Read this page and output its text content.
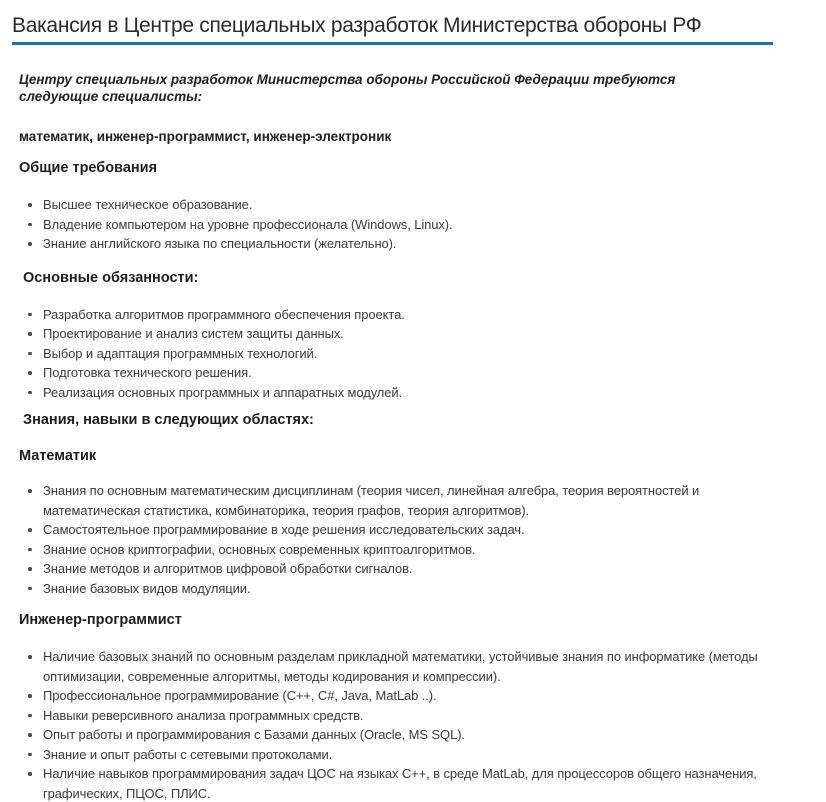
Вакансия в Центре специальных разработок Министерства обороны РФ

Центру специальных разработок Министерства обороны Российской Федерации требуются следующие специалисты:

математик, инженер-программист, инженер-электроник

Общие требования
Высшее техническое образование.
Владение компьютером на уровне профессионала (Windows, Linux).
Знание английского языка по специальности (желательно).
Основные обязанности:
Разработка алгоритмов программного обеспечения проекта.
Проектирование и анализ систем защиты данных.
Выбор и адаптация программных технологий.
Подготовка технического решения.
Реализация основных программных и аппаратных модулей.
Знания, навыки в следующих областях:
Математик
Знания по основным математическим дисциплинам (теория чисел, линейная алгебра, теория вероятностей и математическая статистика, комбинаторика, теория графов, теория алгоритмов).
Самостоятельное программирование в ходе решения исследовательских задач.
Знание основ криптографии, основных современных криптоалгоритмов.
Знание методов и алгоритмов цифровой обработки сигналов.
Знание базовых видов модуляции.
Инженер-программист
Наличие базовых знаний по основным разделам прикладной математики, устойчивые знания по информатике (методы оптимизации, современные алгоритмы, методы кодирования и компрессии).
Профессиональное программирование (C++, C#, Java, MatLab ..).
Навыки реверсивного анализа программных средств.
Опыт работы и программирования с Базами данных (Oracle, MS SQL).
Знание и опыт работы с сетевыми протоколами.
Наличие навыков программирования задач ЦОС на языках C++, в среде MatLab, для процессоров общего назначения, графических, ПЦОС, ПЛИС.
